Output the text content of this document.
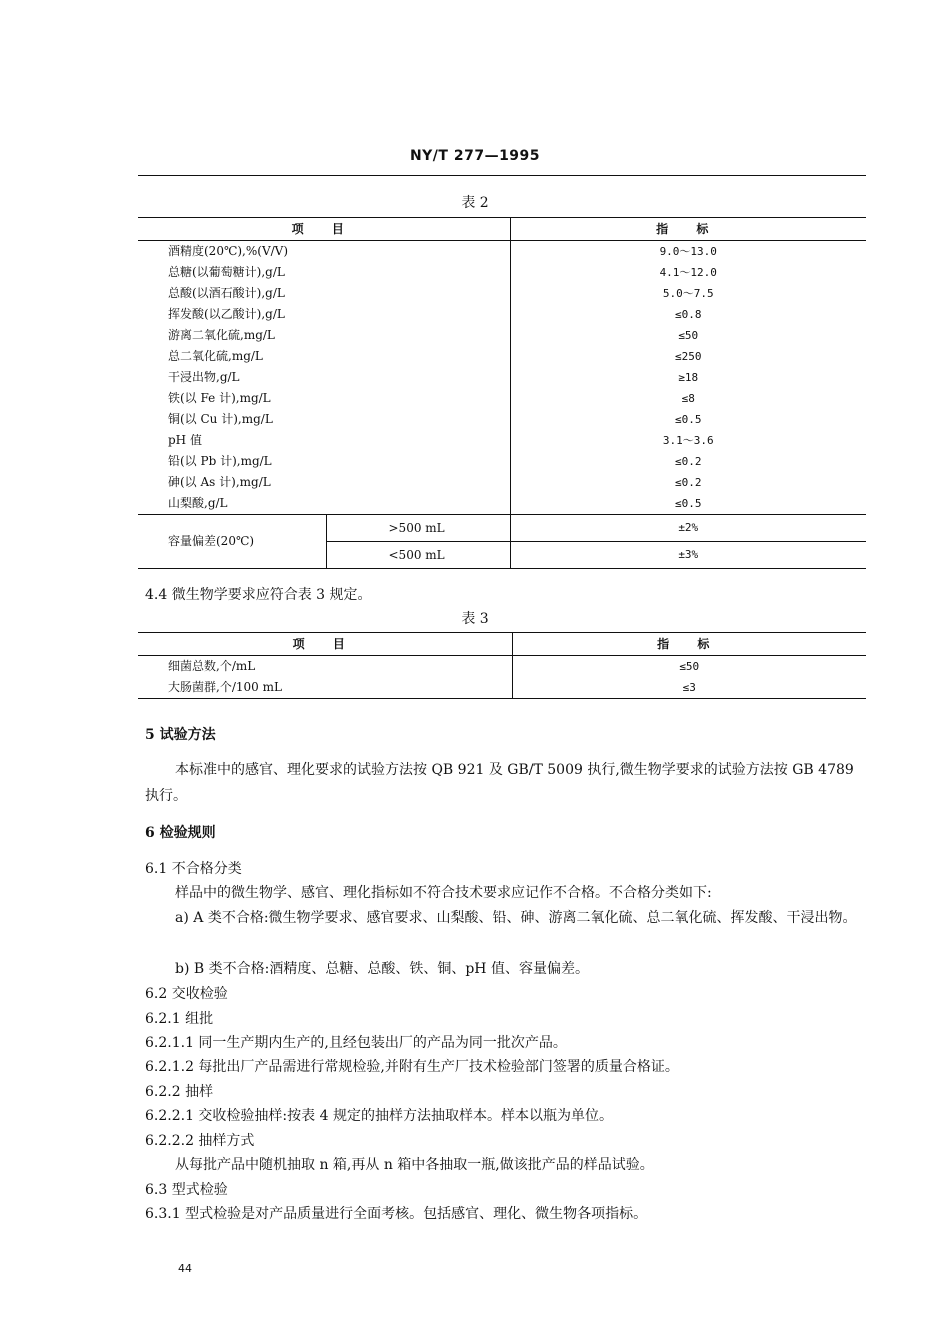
NY/T 277—1995
表 2
项 目		指 标
酒精度(20℃),%(V/V)		9.0～13.0
总糖(以葡萄糖计),g/L		4.1～12.0
总酸(以酒石酸计),g/L		5.0～7.5
挥发酸(以乙酸计),g/L		≤0.8
游离二氧化硫,mg/L		≤50
总二氧化硫,mg/L		≤250
干浸出物,g/L		≥18
铁(以 Fe 计),mg/L		≤8
铜(以 Cu 计),mg/L		≤0.5
pH 值		3.1～3.6
铅(以 Pb 计),mg/L		≤0.2
砷(以 As 计),mg/L		≤0.2
山梨酸,g/L		≤0.5
容量偏差(20℃)	>500 mL	±2%
	<500 mL	±3%
4.4 微生物学要求应符合表 3 规定。
表 3
项 目	指 标
细菌总数,个/mL	≤50
大肠菌群,个/100 mL	≤3
5 试验方法
本标准中的感官、理化要求的试验方法按 QB 921 及 GB/T 5009 执行,微生物学要求的试验方法按 GB 4789 执行。
6 检验规则
6.1 不合格分类
样品中的微生物学、感官、理化指标如不符合技术要求应记作不合格。不合格分类如下:
a) A 类不合格:微生物学要求、感官要求、山梨酸、铅、砷、游离二氧化硫、总二氧化硫、挥发酸、干浸出物。
b) B 类不合格:酒精度、总糖、总酸、铁、铜、pH 值、容量偏差。
6.2 交收检验
6.2.1 组批
6.2.1.1 同一生产期内生产的,且经包装出厂的产品为同一批次产品。
6.2.1.2 每批出厂产品需进行常规检验,并附有生产厂技术检验部门签署的质量合格证。
6.2.2 抽样
6.2.2.1 交收检验抽样:按表 4 规定的抽样方法抽取样本。样本以瓶为单位。
6.2.2.2 抽样方式
从每批产品中随机抽取 n 箱,再从 n 箱中各抽取一瓶,做该批产品的样品试验。
6.3 型式检验
6.3.1 型式检验是对产品质量进行全面考核。包括感官、理化、微生物各项指标。
44
